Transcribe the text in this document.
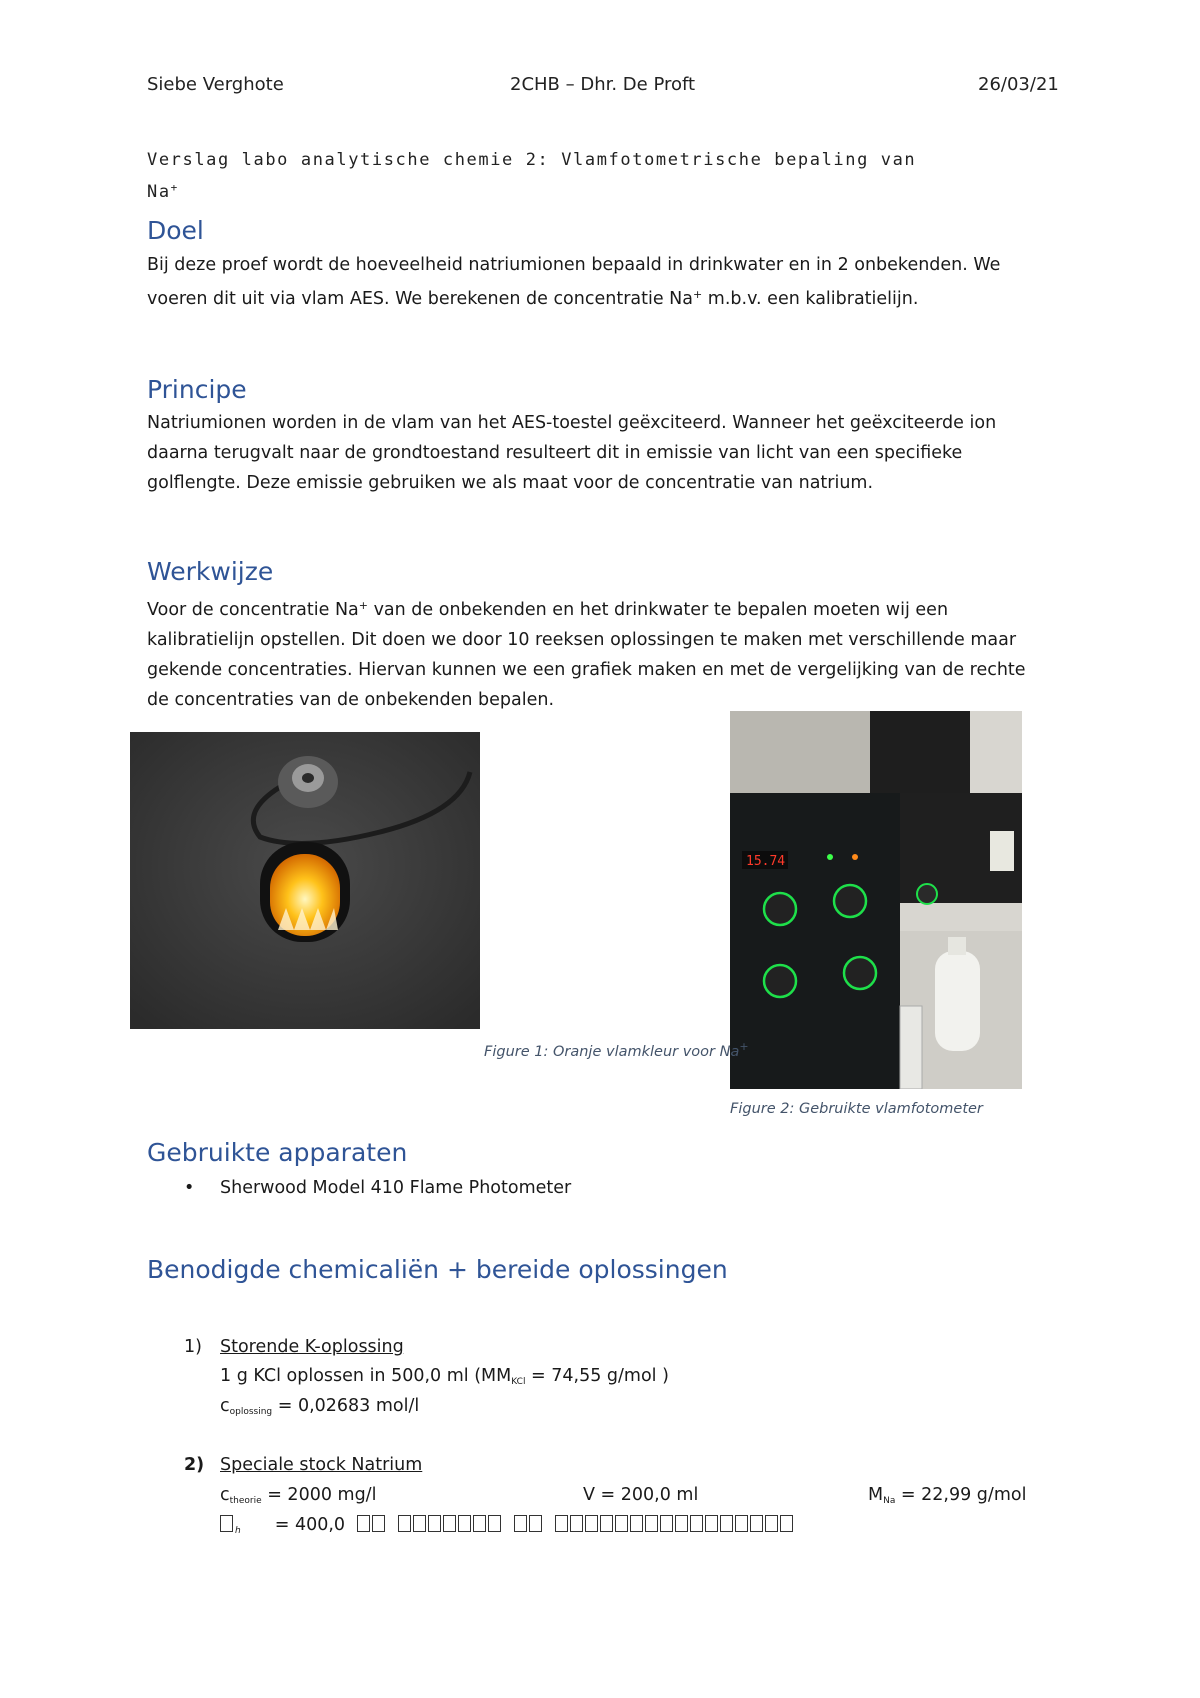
Siebe Verghote	2CHB – Dhr. De Proft	26/03/21
Verslag labo analytische chemie 2: Vlamfotometrische bepaling van
Na+
Doel
Bij deze proef wordt de hoeveelheid natriumionen bepaald in drinkwater en in 2 onbekenden. We
voeren dit uit via vlam AES. We berekenen de concentratie Na+ m.b.v. een kalibratielijn.
Principe
Natriumionen worden in de vlam van het AES-toestel geëxciteerd. Wanneer het geëxciteerde ion
daarna terugvalt naar de grondtoestand resulteert dit in emissie van licht van een specifieke
golflengte. Deze emissie gebruiken we als maat voor de concentratie van natrium.
Werkwijze
Voor de concentratie Na+ van de onbekenden en het drinkwater te bepalen moeten wij een
kalibratielijn opstellen. Dit doen we door 10 reeksen oplossingen te maken met verschillende maar
gekende concentraties. Hiervan kunnen we een grafiek maken en met de vergelijking van de rechte
de concentraties van de onbekenden bepalen.
15.74
Figure 1: Oranje vlamkleur voor Na+
Figure 2: Gebruikte vlamfotometer
Gebruikte apparaten
• Sherwood Model 410 Flame Photometer
Benodigde chemicaliën + bereide oplossingen
1) Storende K-oplossing
1 g KCl oplossen in 500,0 ml ($MM_{KCl} = 74,55$ g/mol )
$c_{oplossing} = 0,02683$ mol/l
2) Speciale stock Natrium
$c_{theorie} = 2000$ mg/l	V = 200,0 ml	$M_{Na} = 22,99$ g/mol
$_h$ = 400,0
